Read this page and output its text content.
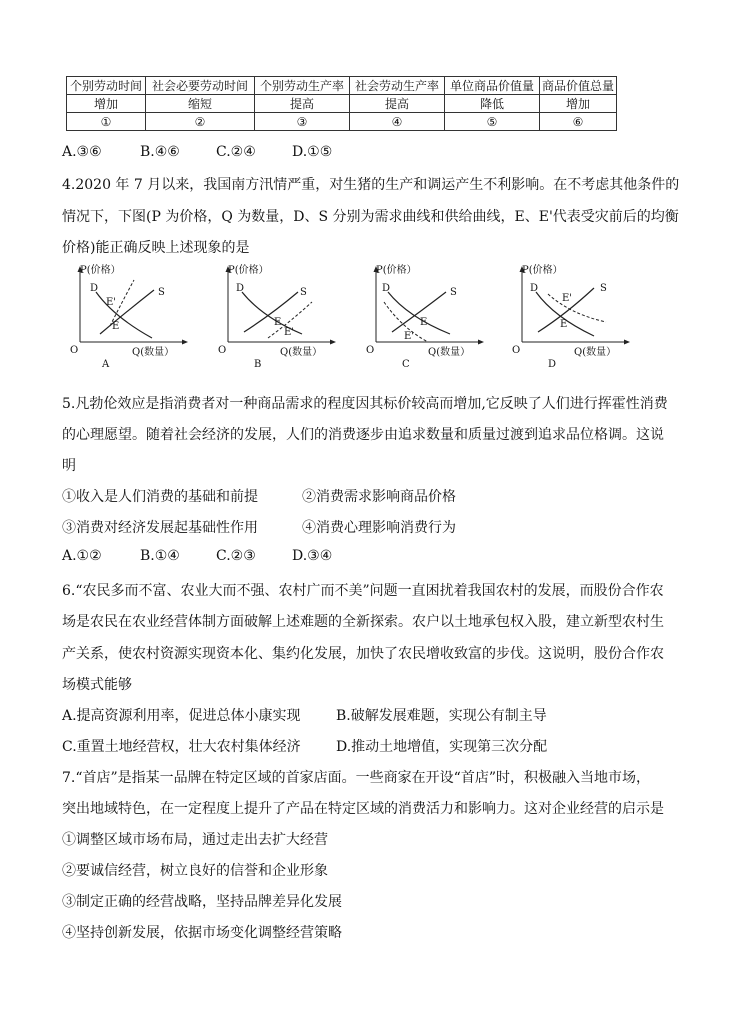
个别劳动时间	社会必要劳动时间	个别劳动生产率	社会劳动生产率	单位商品价值量	商品价值总量
增加	缩短	提高	提高	降低	增加
①	②	③	④	⑤	⑥
A.③⑥	B.④⑥	C.②④	D.①⑤
4.2020 年 7 月以来，我国南方汛情严重，对生猪的生产和调运产生不利影响。在不考虑其他条件的
情况下，下图(P 为价格，Q 为数量，D、S 分别为需求曲线和供给曲线，E、E'代表受灾前后的均衡
价格)能正确反映上述现象的是
P(价格）
Q(数量）
O
D	S
E'
E
A
P(价格）
Q(数量）
O
D	S
E
E'
B
P(价格）
Q(数量）
O
D	S
E
E'
C
P(价格）
Q(数量）
O
D	S
E'
E
D
5.凡勃伦效应是指消费者对一种商品需求的程度因其标价较高而增加,它反映了人们进行挥霍性消费
的心理愿望。随着社会经济的发展，人们的消费逐步由追求数量和质量过渡到追求品位格调。这说
明
①收入是人们消费的基础和前提	②消费需求影响商品价格
③消费对经济发展起基础性作用	④消费心理影响消费行为
A.①②	B.①④	C.②③	D.③④
6.“农民多而不富、农业大而不强、农村广而不美”问题一直困扰着我国农村的发展，而股份合作农
场是农民在农业经营体制方面破解上述难题的全新探索。农户以土地承包权入股，建立新型农村生
产关系，使农村资源实现资本化、集约化发展，加快了农民增收致富的步伐。这说明，股份合作农
场模式能够
A.提高资源利用率，促进总体小康实现	B.破解发展难题，实现公有制主导
C.重置土地经营权，壮大农村集体经济	D.推动土地增值，实现第三次分配
7.“首店”是指某一品牌在特定区域的首家店面。一些商家在开设“首店”时，积极融入当地市场，
突出地域特色，在一定程度上提升了产品在特定区域的消费活力和影响力。这对企业经营的启示是
①调整区域市场布局，通过走出去扩大经营
②要诚信经营，树立良好的信誉和企业形象
③制定正确的经营战略，坚持品牌差异化发展
④坚持创新发展，依据市场变化调整经营策略
